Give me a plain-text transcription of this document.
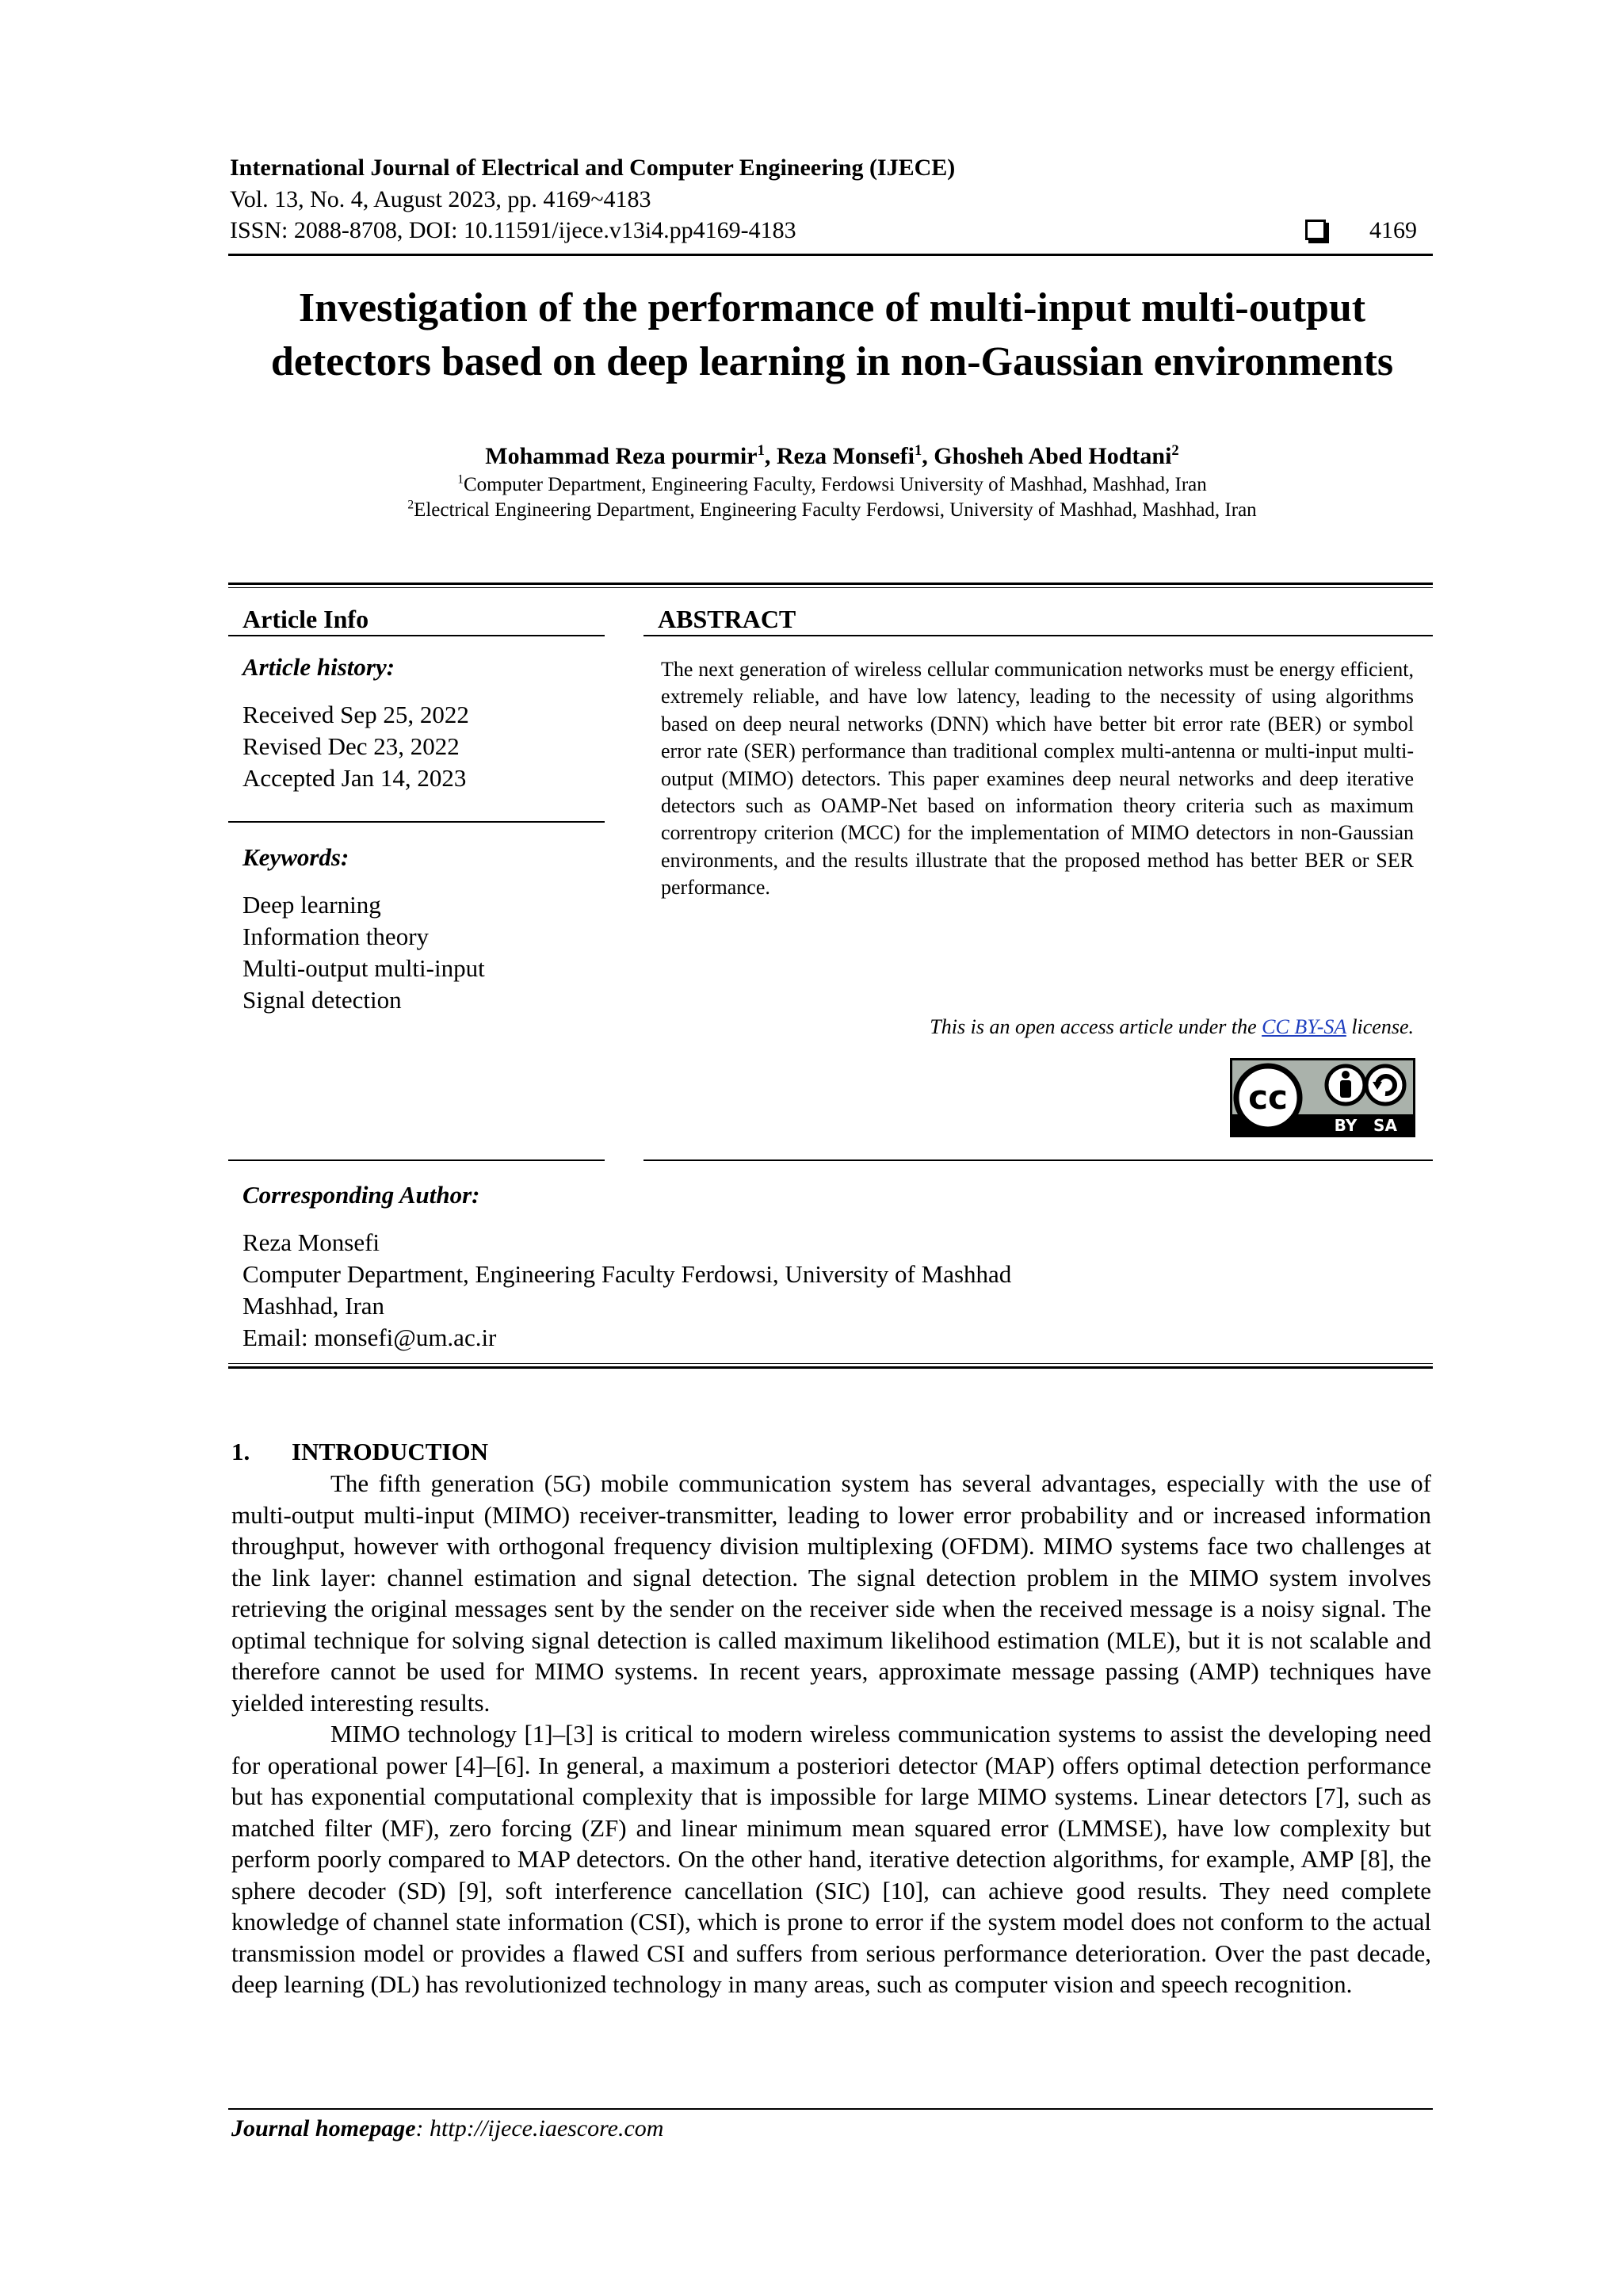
International Journal of Electrical and Computer Engineering (IJECE)
Vol. 13, No. 4, August 2023, pp. 4169~4183
ISSN: 2088-8708, DOI: 10.11591/ijece.v13i4.pp4169-4183	4169
Investigation of the performance of multi-input multi-output
detectors based on deep learning in non-Gaussian environments
Mohammad Reza pourmir$^1$, Reza Monsefi$^1$, Ghosheh Abed Hodtani$^2$
$^1$Computer Department, Engineering Faculty, Ferdowsi University of Mashhad, Mashhad, Iran
$^2$Electrical Engineering Department, Engineering Faculty Ferdowsi, University of Mashhad, Mashhad, Iran
Article Info	ABSTRACT
Article history:
Received Sep 25, 2022
Revised Dec 23, 2022
Accepted Jan 14, 2023
Keywords:
Deep learning
Information theory
Multi-output multi-input
Signal detection
The next generation of wireless cellular communication networks must be energy efficient, extremely reliable, and have low latency, leading to the necessity of using algorithms based on deep neural networks (DNN) which have better bit error rate (BER) or symbol error rate (SER) performance than traditional complex multi-antenna or multi-input multi-output (MIMO) detectors. This paper examines deep neural networks and deep iterative detectors such as OAMP-Net based on information theory criteria such as maximum correntropy criterion (MCC) for the implementation of MIMO detectors in non-Gaussian environments, and the results illustrate that the proposed method has better BER or SER performance.
This is an open access article under the CC BY-SA license.
cc
BY SA
Corresponding Author:
Reza Monsefi
Computer Department, Engineering Faculty Ferdowsi, University of Mashhad
Mashhad, Iran
Email: monsefi@um.ac.ir
1. INTRODUCTION

The fifth generation (5G) mobile communication system has several advantages, especially with the use of multi-output multi-input (MIMO) receiver-transmitter, leading to lower error probability and or increased information throughput, however with orthogonal frequency division multiplexing (OFDM). MIMO systems face two challenges at the link layer: channel estimation and signal detection. The signal detection problem in the MIMO system involves retrieving the original messages sent by the sender on the receiver side when the received message is a noisy signal. The optimal technique for solving signal detection is called maximum likelihood estimation (MLE), but it is not scalable and therefore cannot be used for MIMO systems. In recent years, approximate message passing (AMP) techniques have yielded interesting results.

MIMO technology [1]–[3] is critical to modern wireless communication systems to assist the developing need for operational power [4]–[6]. In general, a maximum a posteriori detector (MAP) offers optimal detection performance but has exponential computational complexity that is impossible for large MIMO systems. Linear detectors [7], such as matched filter (MF), zero forcing (ZF) and linear minimum mean squared error (LMMSE), have low complexity but perform poorly compared to MAP detectors. On the other hand, iterative detection algorithms, for example, AMP [8], the sphere decoder (SD) [9], soft interference cancellation (SIC) [10], can achieve good results. They need complete knowledge of channel state information (CSI), which is prone to error if the system model does not conform to the actual transmission model or provides a flawed CSI and suffers from serious performance deterioration. Over the past decade, deep learning (DL) has revolutionized technology in many areas, such as computer vision and speech recognition.

Journal homepage: http://ijece.iaescore.com
